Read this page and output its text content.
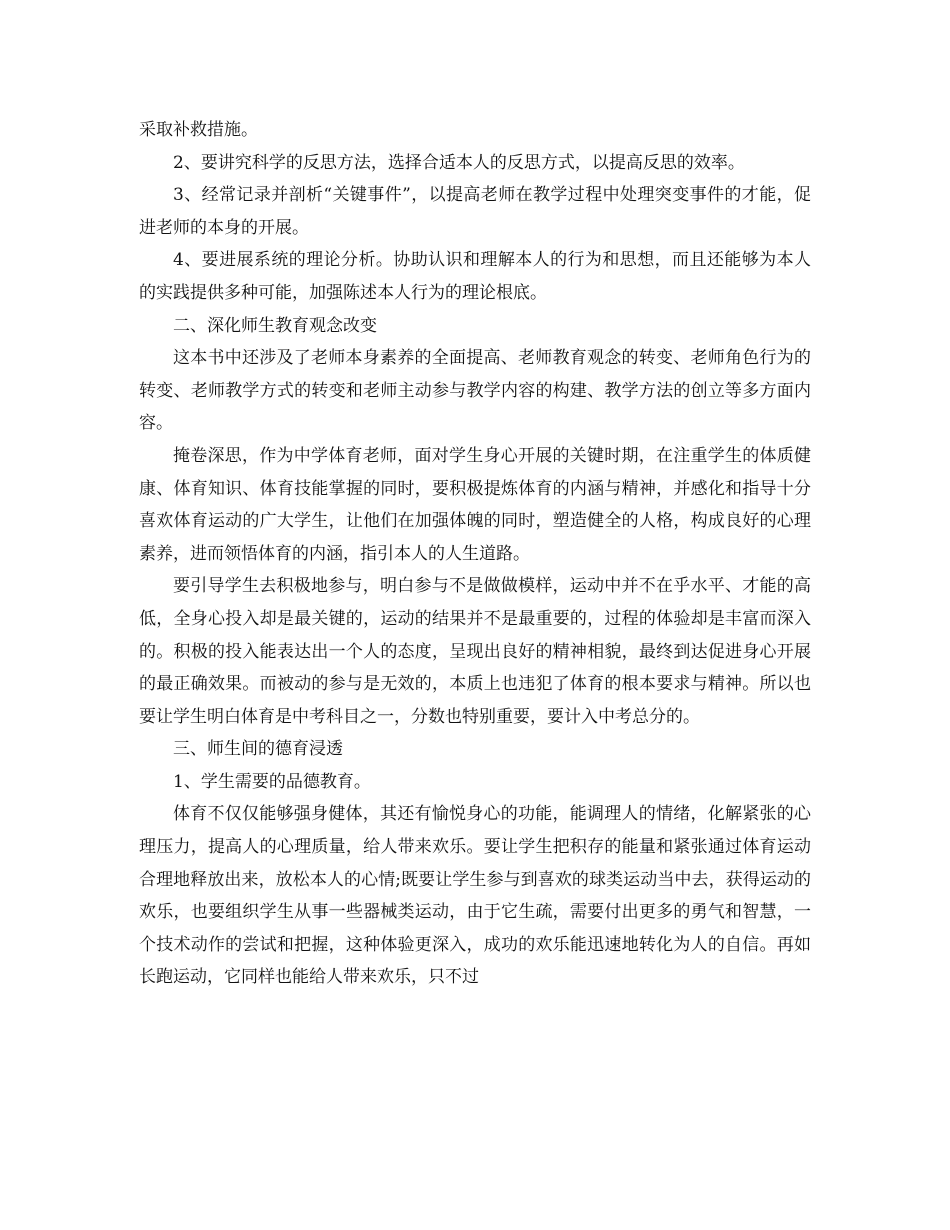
采取补救措施。

2、要讲究科学的反思方法，选择合适本人的反思方式，以提高反思的效率。

3、经常记录并剖析“关键事件”，以提高老师在教学过程中处理突变事件的才能，促进老师的本身的开展。

4、要进展系统的理论分析。协助认识和理解本人的行为和思想，而且还能够为本人的实践提供多种可能，加强陈述本人行为的理论根底。

二、深化师生教育观念改变

这本书中还涉及了老师本身素养的全面提高、老师教育观念的转变、老师角色行为的转变、老师教学方式的转变和老师主动参与教学内容的构建、教学方法的创立等多方面内容。

掩卷深思，作为中学体育老师，面对学生身心开展的关键时期，在注重学生的体质健康、体育知识、体育技能掌握的同时，要积极提炼体育的内涵与精神，并感化和指导十分喜欢体育运动的广大学生，让他们在加强体魄的同时，塑造健全的人格，构成良好的心理素养，进而领悟体育的内涵，指引本人的人生道路。

要引导学生去积极地参与，明白参与不是做做模样，运动中并不在乎水平、才能的高低，全身心投入却是最关键的，运动的结果并不是最重要的，过程的体验却是丰富而深入的。积极的投入能表达出一个人的态度，呈现出良好的精神相貌，最终到达促进身心开展的最正确效果。而被动的参与是无效的，本质上也违犯了体育的根本要求与精神。所以也要让学生明白体育是中考科目之一，分数也特别重要，要计入中考总分的。

三、师生间的德育浸透

1、学生需要的品德教育。

体育不仅仅能够强身健体，其还有愉悦身心的功能，能调理人的情绪，化解紧张的心理压力，提高人的心理质量，给人带来欢乐。要让学生把积存的能量和紧张通过体育运动合理地释放出来，放松本人的心情;既要让学生参与到喜欢的球类运动当中去，获得运动的欢乐，也要组织学生从事一些器械类运动，由于它生疏，需要付出更多的勇气和智慧，一个技术动作的尝试和把握，这种体验更深入，成功的欢乐能迅速地转化为人的自信。再如长跑运动，它同样也能给人带来欢乐，只不过
